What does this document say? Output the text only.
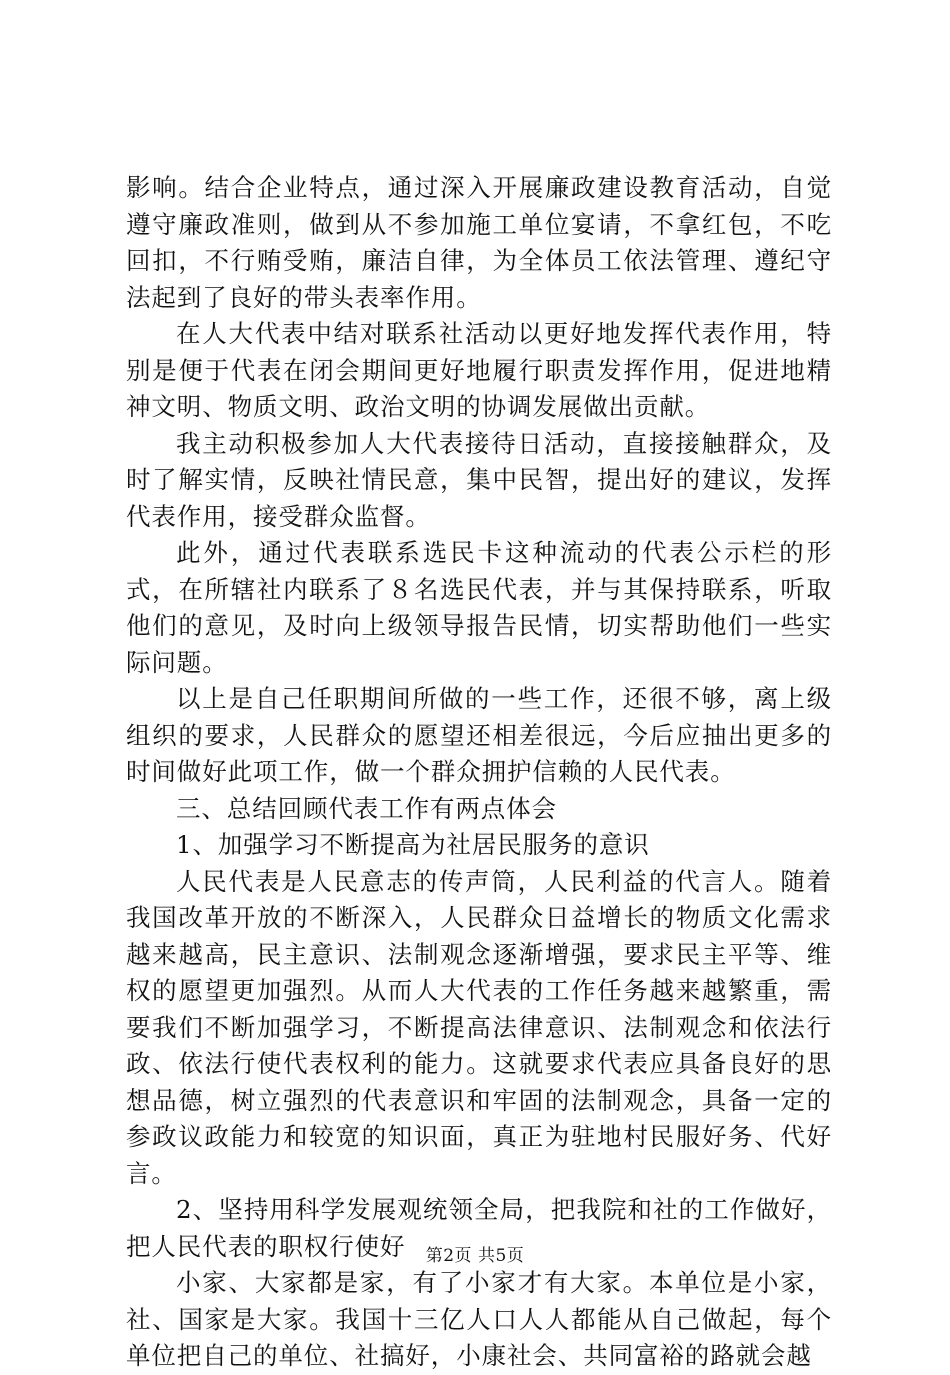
影响。结合企业特点，通过深入开展廉政建设教育活动，自觉遵守廉政准则，做到从不参加施工单位宴请，不拿红包，不吃回扣，不行贿受贿，廉洁自律，为全体员工依法管理、遵纪守法起到了良好的带头表率作用。

在人大代表中结对联系社活动以更好地发挥代表作用，特别是便于代表在闭会期间更好地履行职责发挥作用，促进地精神文明、物质文明、政治文明的协调发展做出贡献。

我主动积极参加人大代表接待日活动，直接接触群众，及时了解实情，反映社情民意，集中民智，提出好的建议，发挥代表作用，接受群众监督。

此外，通过代表联系选民卡这种流动的代表公示栏的形式，在所辖社内联系了８名选民代表，并与其保持联系，听取他们的意见，及时向上级领导报告民情，切实帮助他们一些实际问题。

以上是自己任职期间所做的一些工作，还很不够，离上级组织的要求，人民群众的愿望还相差很远，今后应抽出更多的时间做好此项工作，做一个群众拥护信赖的人民代表。

三、总结回顾代表工作有两点体会

1、加强学习不断提高为社居民服务的意识

人民代表是人民意志的传声筒，人民利益的代言人。随着我国改革开放的不断深入，人民群众日益增长的物质文化需求越来越高，民主意识、法制观念逐渐增强，要求民主平等、维权的愿望更加强烈。从而人大代表的工作任务越来越繁重，需要我们不断加强学习，不断提高法律意识、法制观念和依法行政、依法行使代表权利的能力。这就要求代表应具备良好的思想品德，树立强烈的代表意识和牢固的法制观念，具备一定的参政议政能力和较宽的知识面，真正为驻地村民服好务、代好言。

2、坚持用科学发展观统领全局，把我院和社的工作做好，把人民代表的职权行使好

小家、大家都是家，有了小家才有大家。本单位是小家，社、国家是大家。我国十三亿人口人人都能从自己做起，每个单位把自己的单位、社搞好，小康社会、共同富裕的路就会越

第2页 共5页
